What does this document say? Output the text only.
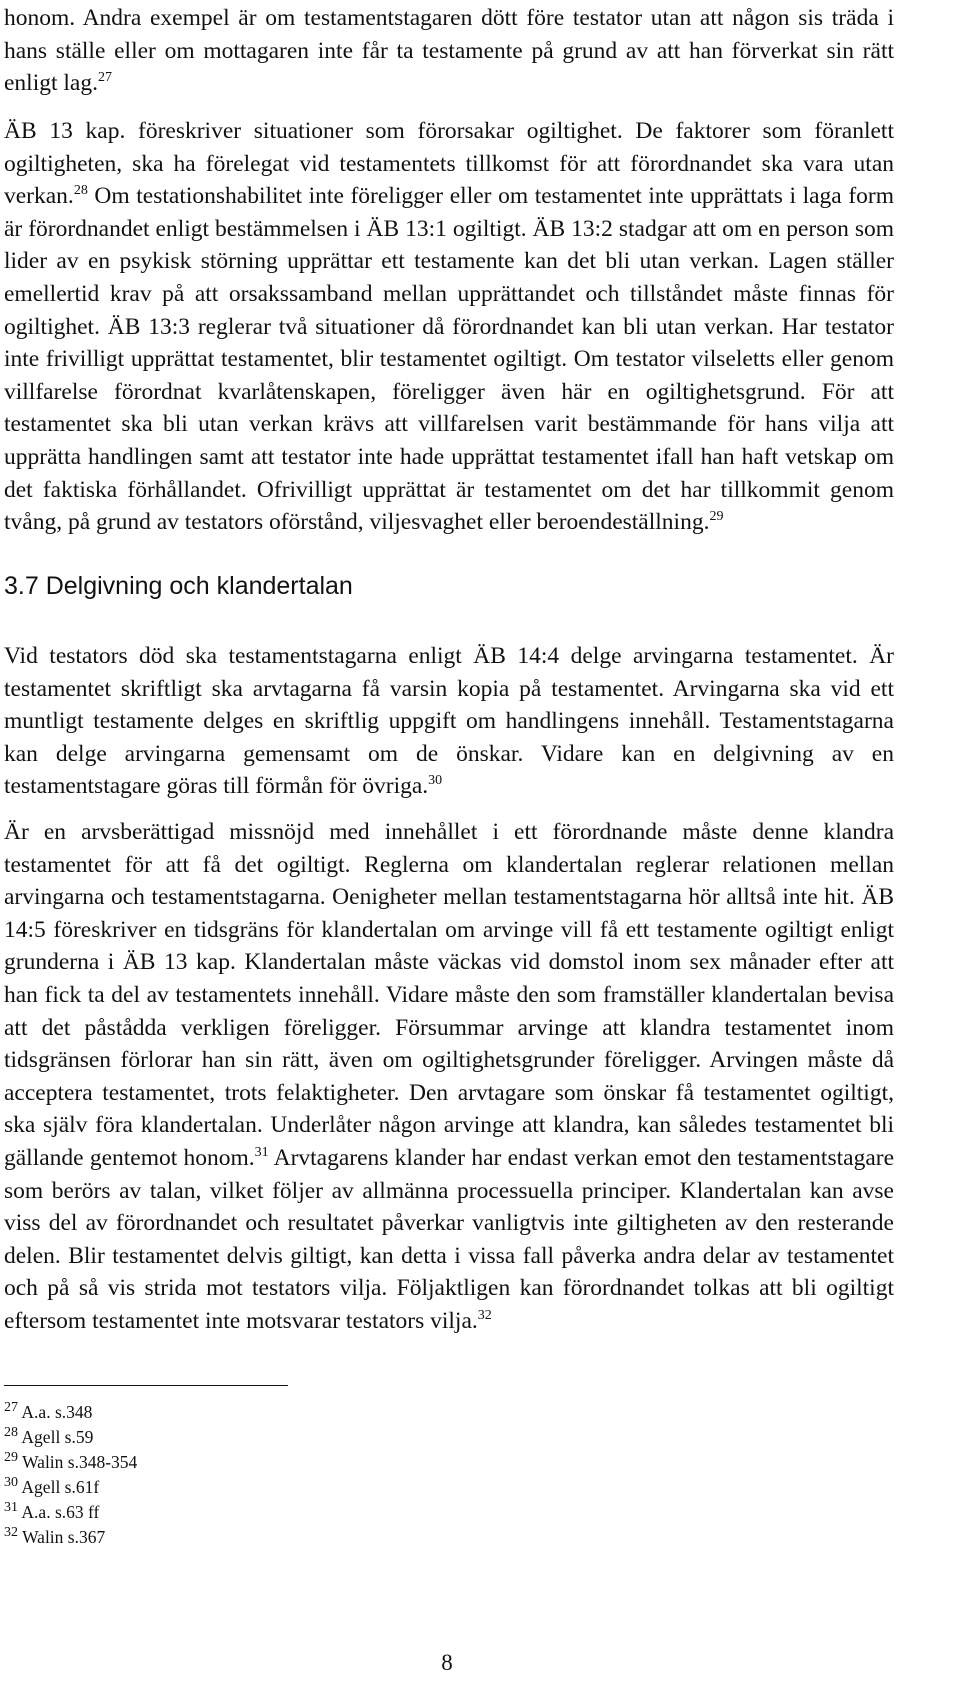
honom. Andra exempel är om testamentstagaren dött före testator utan att någon sis träda i hans ställe eller om mottagaren inte får ta testamente på grund av att han förverkat sin rätt enligt lag.$^{27}$

ÄB 13 kap. föreskriver situationer som förorsakar ogiltighet. De faktorer som föranlett ogiltigheten, ska ha förelegat vid testamentets tillkomst för att förordnandet ska vara utan verkan.$^{28}$ Om testationshabilitet inte föreligger eller om testamentet inte upprättats i laga form är förordnandet enligt bestämmelsen i ÄB 13:1 ogiltigt. ÄB 13:2 stadgar att om en person som lider av en psykisk störning upprättar ett testamente kan det bli utan verkan. Lagen ställer emellertid krav på att orsakssamband mellan upprättandet och tillståndet måste finnas för ogiltighet. ÄB 13:3 reglerar två situationer då förordnandet kan bli utan verkan. Har testator inte frivilligt upprättat testamentet, blir testamentet ogiltigt. Om testator vilseletts eller genom villfarelse förordnat kvarlåtenskapen, föreligger även här en ogiltighetsgrund. För att testamentet ska bli utan verkan krävs att villfarelsen varit bestämmande för hans vilja att upprätta handlingen samt att testator inte hade upprättat testamentet ifall han haft vetskap om det faktiska förhållandet. Ofrivilligt upprättat är testamentet om det har tillkommit genom tvång, på grund av testators oförstånd, viljesvaghet eller beroendeställning.$^{29}$

3.7 Delgivning och klandertalan

Vid testators död ska testamentstagarna enligt ÄB 14:4 delge arvingarna testamentet. Är testamentet skriftligt ska arvtagarna få varsin kopia på testamentet. Arvingarna ska vid ett muntligt testamente delges en skriftlig uppgift om handlingens innehåll. Testamentstagarna kan delge arvingarna gemensamt om de önskar. Vidare kan en delgivning av en testamentstagare göras till förmån för övriga.$^{30}$

Är en arvsberättigad missnöjd med innehållet i ett förordnande måste denne klandra testamentet för att få det ogiltigt. Reglerna om klandertalan reglerar relationen mellan arvingarna och testamentstagarna. Oenigheter mellan testamentstagarna hör alltså inte hit. ÄB 14:5 föreskriver en tidsgräns för klandertalan om arvinge vill få ett testamente ogiltigt enligt grunderna i ÄB 13 kap. Klandertalan måste väckas vid domstol inom sex månader efter att han fick ta del av testamentets innehåll. Vidare måste den som framställer klandertalan bevisa att det påstådda verkligen föreligger. Försummar arvinge att klandra testamentet inom tidsgränsen förlorar han sin rätt, även om ogiltighetsgrunder föreligger. Arvingen måste då acceptera testamentet, trots felaktigheter. Den arvtagare som önskar få testamentet ogiltigt, ska själv föra klandertalan. Underlåter någon arvinge att klandra, kan således testamentet bli gällande gentemot honom.$^{31}$ Arvtagarens klander har endast verkan emot den testamentstagare som berörs av talan, vilket följer av allmänna processuella principer. Klandertalan kan avse viss del av förordnandet och resultatet påverkar vanligtvis inte giltigheten av den resterande delen. Blir testamentet delvis giltigt, kan detta i vissa fall påverka andra delar av testamentet och på så vis strida mot testators vilja. Följaktligen kan förordnandet tolkas att bli ogiltigt eftersom testamentet inte motsvarar testators vilja.$^{32}$

$^{27}$ A.a. s.348
$^{28}$ Agell s.59
$^{29}$ Walin s.348-354
$^{30}$ Agell s.61f
$^{31}$ A.a. s.63 ff
$^{32}$ Walin s.367
8
